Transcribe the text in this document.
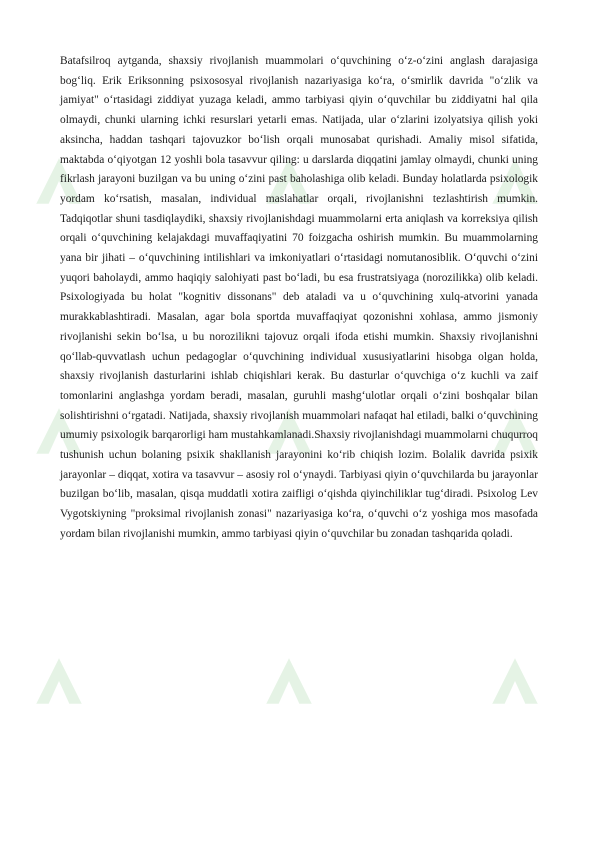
Batafsilroq aytganda, shaxsiy rivojlanish muammolari o‘quvchining o‘z-o‘zini anglash darajasiga bog‘liq. Erik Eriksonning psixososyal rivojlanish nazariyasiga ko‘ra, o‘smirlik davrida "o‘zlik va jamiyat" o‘rtasidagi ziddiyat yuzaga keladi, ammo tarbiyasi qiyin o‘quvchilar bu ziddiyatni hal qila olmaydi, chunki ularning ichki resurslari yetarli emas. Natijada, ular o‘zlarini izolyatsiya qilish yoki aksincha, haddan tashqari tajovuzkor bo‘lish orqali munosabat qurishadi. Amaliy misol sifatida, maktabda o‘qiyotgan 12 yoshli bola tasavvur qiling: u darslarda diqqatini jamlay olmaydi, chunki uning fikrlash jarayoni buzilgan va bu uning o‘zini past baholashiga olib keladi. Bunday holatlarda psixologik yordam ko‘rsatish, masalan, individual maslahatlar orqali, rivojlanishni tezlashtirish mumkin. Tadqiqotlar shuni tasdiqlaydiki, shaxsiy rivojlanishdagi muammolarni erta aniqlash va korreksiya qilish orqali o‘quvchining kelajakdagi muvaffaqiyatini 70 foizgacha oshirish mumkin. Bu muammolarning yana bir jihati – o‘quvchining intilishlari va imkoniyatlari o‘rtasidagi nomutanosiblik. O‘quvchi o‘zini yuqori baholaydi, ammo haqiqiy salohiyati past bo‘ladi, bu esa frustratsiyaga (norozilikka) olib keladi. Psixologiyada bu holat "kognitiv dissonans" deb ataladi va u o‘quvchining xulq-atvorini yanada murakkablashtiradi. Masalan, agar bola sportda muvaffaqiyat qozonishni xohlasa, ammo jismoniy rivojlanishi sekin bo‘lsa, u bu norozilikni tajovuz orqali ifoda etishi mumkin. Shaxsiy rivojlanishni qo‘llab-quvvatlash uchun pedagoglar o‘quvchining individual xususiyatlarini hisobga olgan holda, shaxsiy rivojlanish dasturlarini ishlab chiqishlari kerak. Bu dasturlar o‘quvchiga o‘z kuchli va zaif tomonlarini anglashga yordam beradi, masalan, guruhli mashg‘ulotlar orqali o‘zini boshqalar bilan solishtirishni o‘rgatadi. Natijada, shaxsiy rivojlanish muammolari nafaqat hal etiladi, balki o‘quvchining umumiy psixologik barqarorligi ham mustahkamlanadi.Shaxsiy rivojlanishdagi muammolarni chuqurroq tushunish uchun bolaning psixik shakllanish jarayonini ko‘rib chiqish lozim. Bolalik davrida psixik jarayonlar – diqqat, xotira va tasavvur – asosiy rol o‘ynaydi. Tarbiyasi qiyin o‘quvchilarda bu jarayonlar buzilgan bo‘lib, masalan, qisqa muddatli xotira zaifligi o‘qishda qiyinchiliklar tug‘diradi. Psixolog Lev Vygotskiyning "proksimal rivojlanish zonasi" nazariyasiga ko‘ra, o‘quvchi o‘z yoshiga mos masofada yordam bilan rivojlanishi mumkin, ammo tarbiyasi qiyin o‘quvchilar bu zonadan tashqarida qoladi.
